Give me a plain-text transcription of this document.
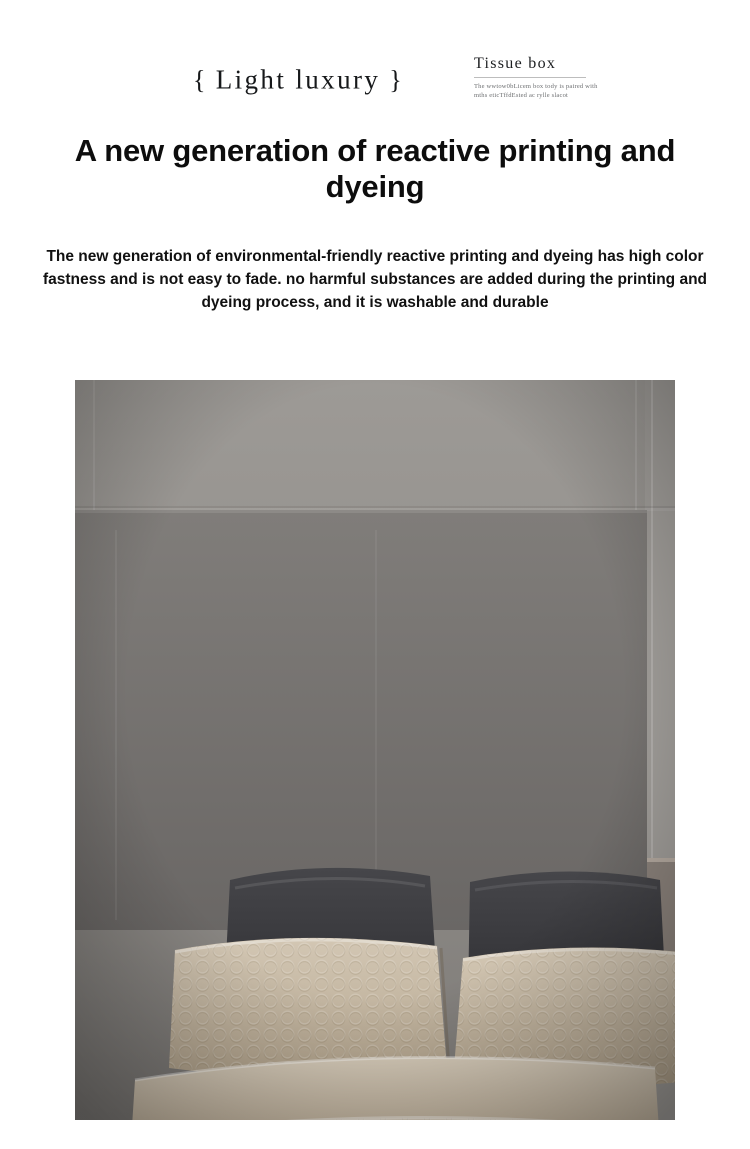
{ Light luxury }
Tissue box
The wwtow0bLicem box tody is paired with mths eticTffdEsted ac rylle slacot
A new generation of reactive printing and dyeing
The new generation of environmental-friendly reactive printing and dyeing has high color fastness and is not easy to fade. no harmful substances are added during the printing and dyeing process, and it is washable and durable
